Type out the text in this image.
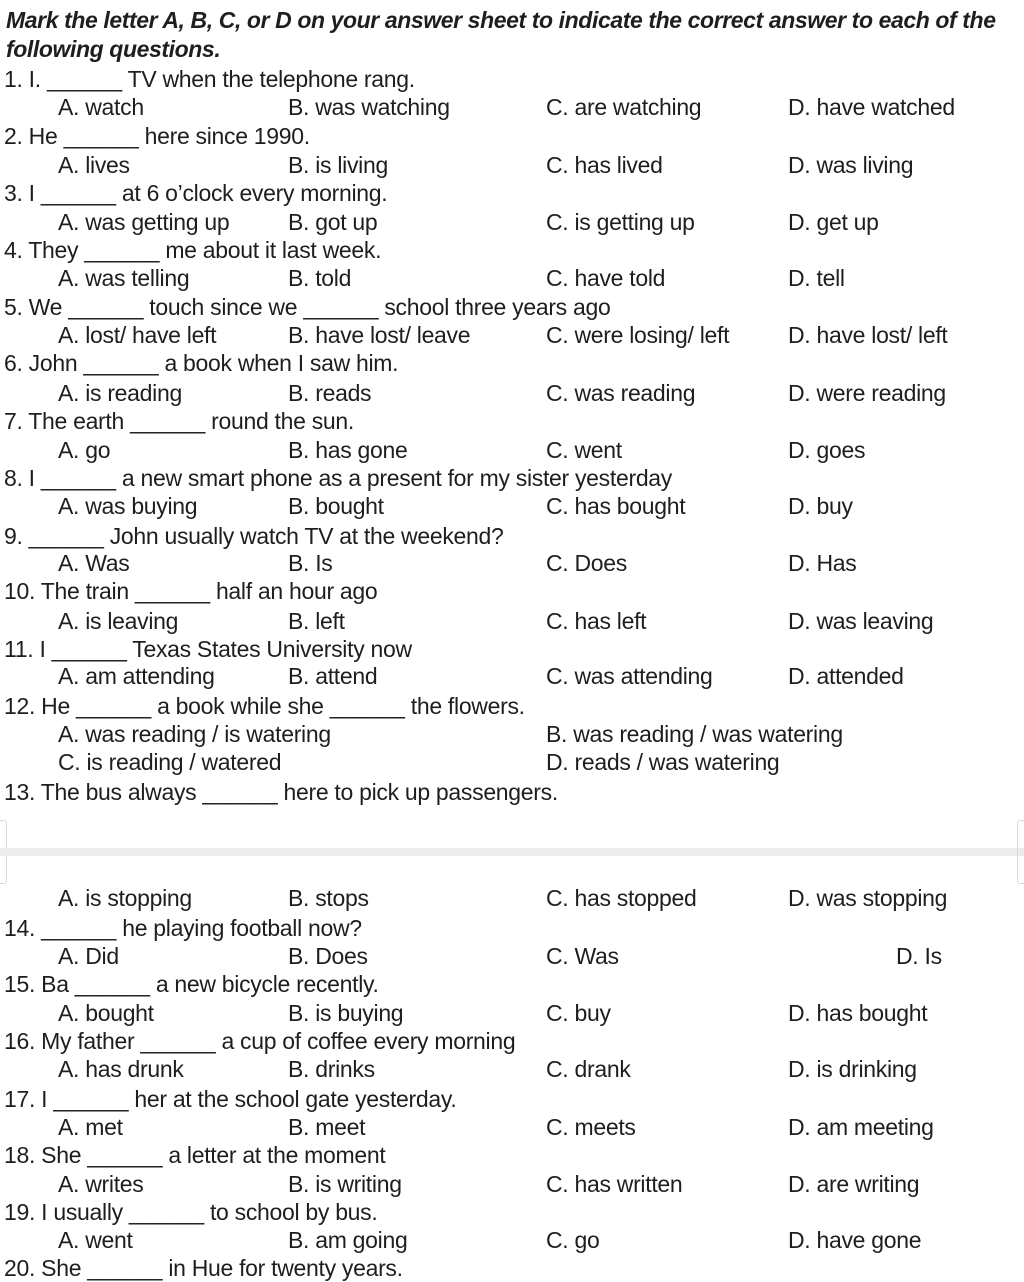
Mark the letter A, B, C, or D on your answer sheet to indicate the correct answer to each of the following questions.

1. I. ______ TV when the telephone rang.
A. watch	B. was watching	C. are watching	D. have watched
2. He ______ here since 1990.
A. lives	B. is living	C. has lived	D. was living
3. I ______ at 6 o’clock every morning.
A. was getting up	B. got up	C. is getting up	D. get up
4. They ______ me about it last week.
A. was telling	B. told	C. have told	D. tell
5. We ______ touch since we ______ school three years ago
A. lost/ have left	B. have lost/ leave	C. were losing/ left	D. have lost/ left
6. John ______ a book when I saw him.
A. is reading	B. reads	C. was reading	D. were reading
7. The earth ______ round the sun.
A. go	B. has gone	C. went	D. goes
8. I ______ a new smart phone as a present for my sister yesterday
A. was buying	B. bought	C. has bought	D. buy
9. ______ John usually watch TV at the weekend?
A. Was	B. Is	C. Does	D. Has
10. The train ______ half an hour ago
A. is leaving	B. left	C. has left	D. was leaving
11. I ______ Texas States University now
A. am attending	B. attend	C. was attending	D. attended
12. He ______ a book while she ______ the flowers.
A. was reading / is watering	B. was reading / was watering
C. is reading / watered	D. reads / was watering
13. The bus always ______ here to pick up passengers.
A. is stopping	B. stops	C. has stopped	D. was stopping
14. ______ he playing football now?
A. Did	B. Does	C. Was	D. Is
15. Ba ______ a new bicycle recently.
A. bought	B. is buying	C. buy	D. has bought
16. My father ______ a cup of coffee every morning
A. has drunk	B. drinks	C. drank	D. is drinking
17. I ______ her at the school gate yesterday.
A. met	B. meet	C. meets	D. am meeting
18. She ______ a letter at the moment
A. writes	B. is writing	C. has written	D. are writing
19. I usually ______ to school by bus.
A. went	B. am going	C. go	D. have gone
20. She ______ in Hue for twenty years.
